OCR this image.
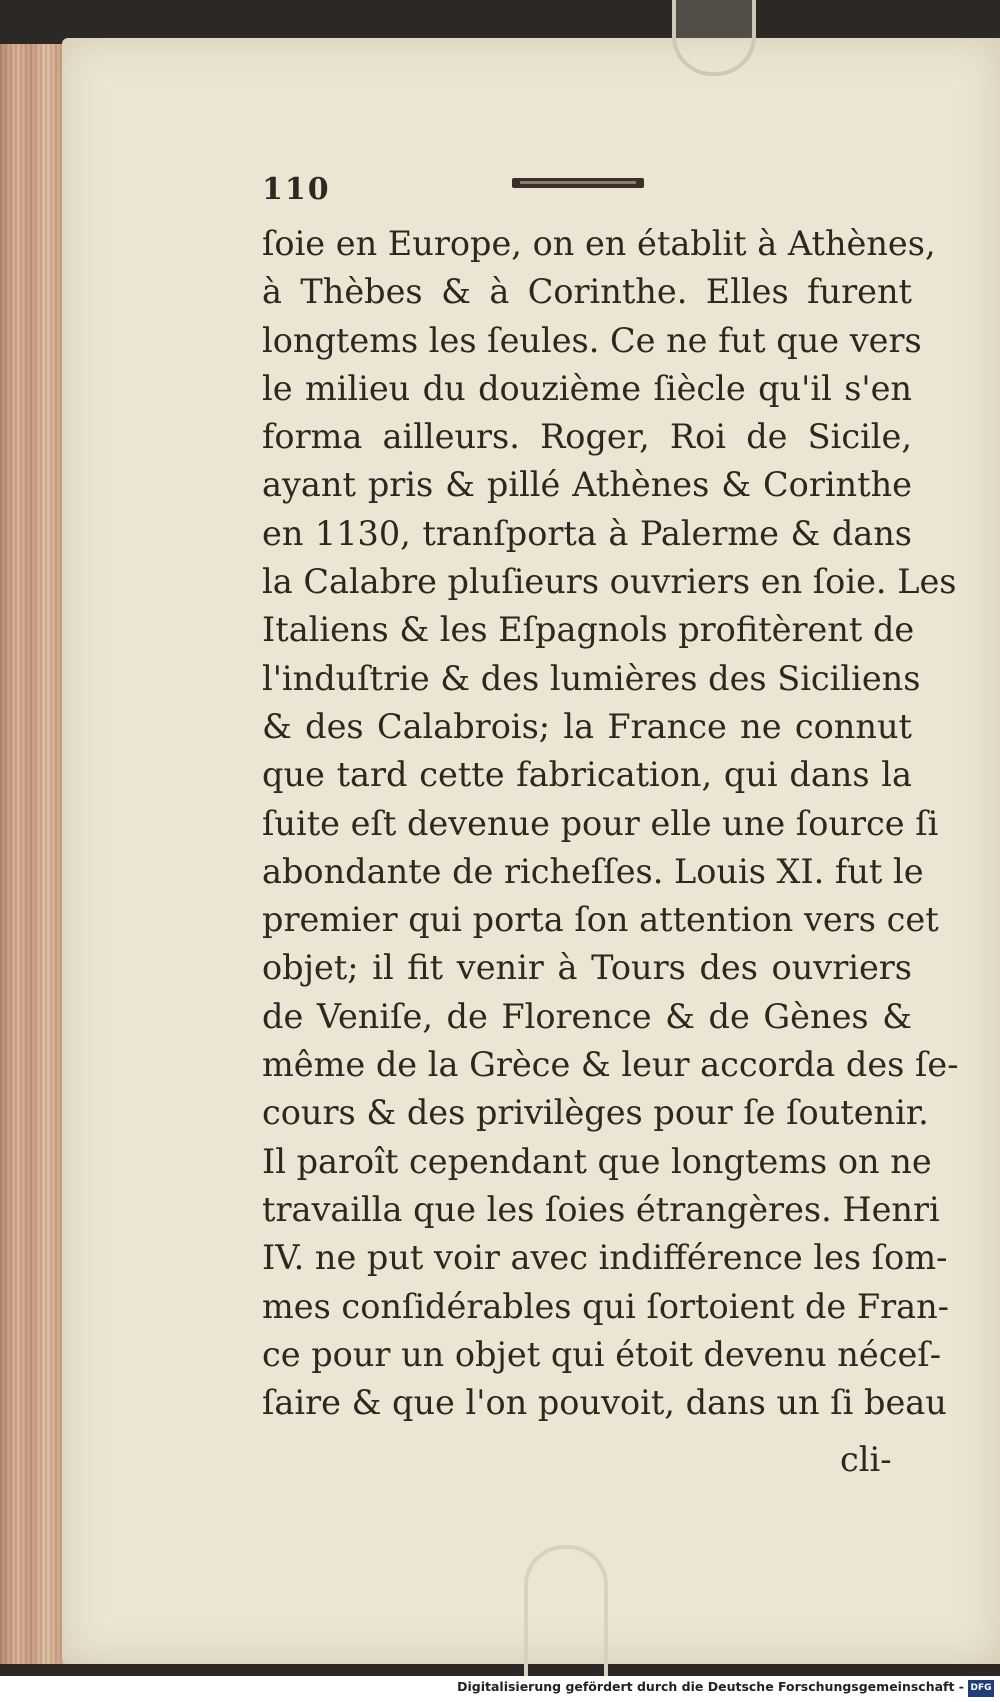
110
ſoie en Europe, on en établit à Athènes,
à Thèbes & à Corinthe. Elles furent
longtems les ſeules. Ce ne fut que vers
le milieu du douzième ſiècle qu'il s'en
forma ailleurs. Roger, Roi de Sicile,
ayant pris & pillé Athènes & Corinthe
en 1130, tranſporta à Palerme & dans
la Calabre pluſieurs ouvriers en ſoie. Les
Italiens & les Eſpagnols profitèrent de
l'induſtrie & des lumières des Siciliens
& des Calabrois; la France ne connut
que tard cette fabrication, qui dans la
ſuite eſt devenue pour elle une ſource ſi
abondante de richeſſes. Louis XI. fut le
premier qui porta ſon attention vers cet
objet; il fit venir à Tours des ouvriers
de Veniſe, de Florence & de Gènes &
même de la Grèce & leur accorda des ſe-
cours & des privilèges pour ſe ſoutenir.
Il paroît cependant que longtems on ne
travailla que les ſoies étrangères. Henri
IV. ne put voir avec indifférence les ſom-
mes conſidérables qui ſortoient de Fran-
ce pour un objet qui étoit devenu néceſ-
ſaire & que l'on pouvoit, dans un ſi beau
cli-
Digitalisierung gefördert durch die Deutsche Forschungsgemeinschaft - DFG
